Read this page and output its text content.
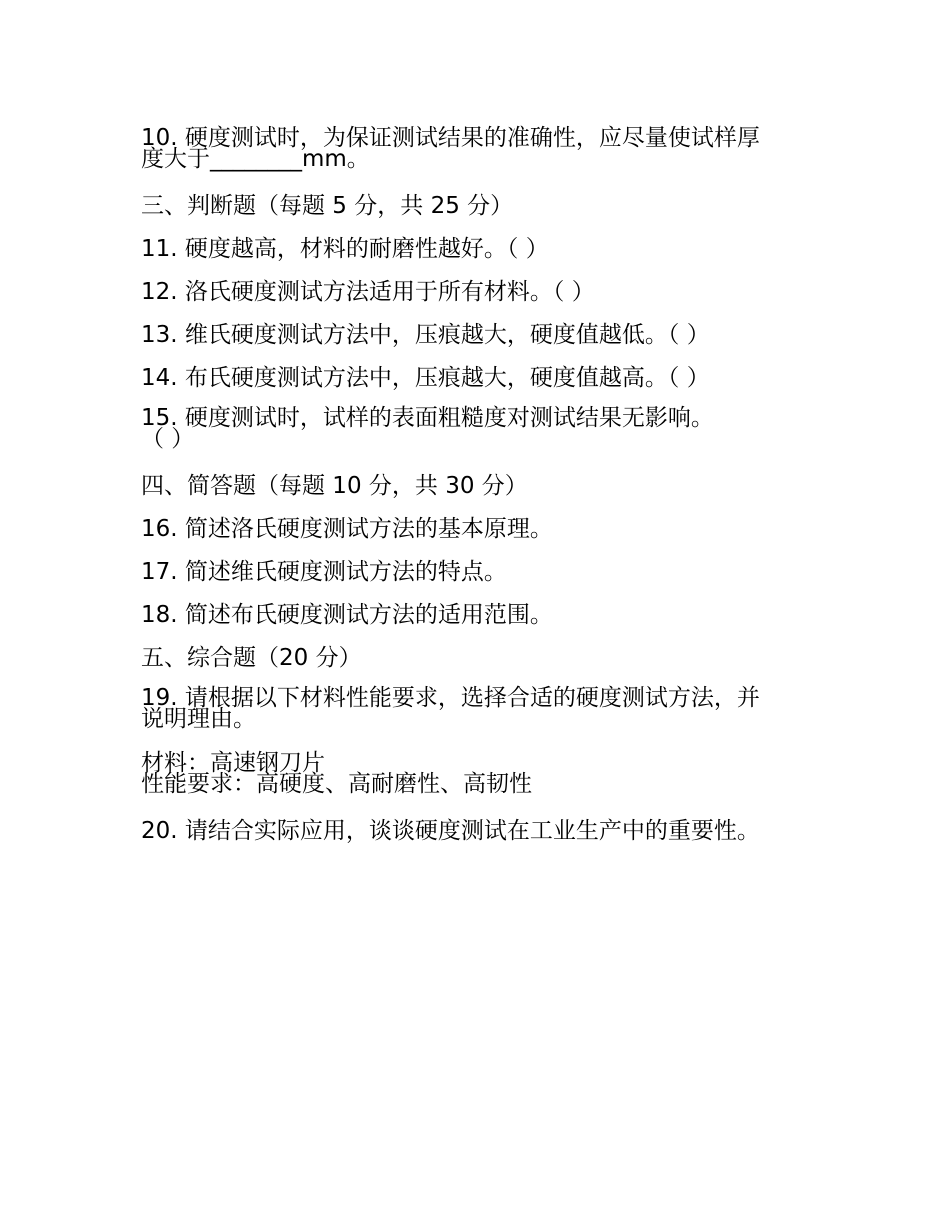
10. 硬度测试时，为保证测试结果的准确性，应尽量使试样厚
度大于________mm。
三、判断题（每题 5 分，共 25 分）
11. 硬度越高，材料的耐磨性越好。（ ）
12. 洛氏硬度测试方法适用于所有材料。（ ）
13. 维氏硬度测试方法中，压痕越大，硬度值越低。（ ）
14. 布氏硬度测试方法中，压痕越大，硬度值越高。（ ）
15. 硬度测试时，试样的表面粗糙度对测试结果无影响。
（ ）
四、简答题（每题 10 分，共 30 分）
16. 简述洛氏硬度测试方法的基本原理。
17. 简述维氏硬度测试方法的特点。
18. 简述布氏硬度测试方法的适用范围。
五、综合题（20 分）
19. 请根据以下材料性能要求，选择合适的硬度测试方法，并
说明理由。
材料：高速钢刀片
性能要求：高硬度、高耐磨性、高韧性
20. 请结合实际应用，谈谈硬度测试在工业生产中的重要性。
